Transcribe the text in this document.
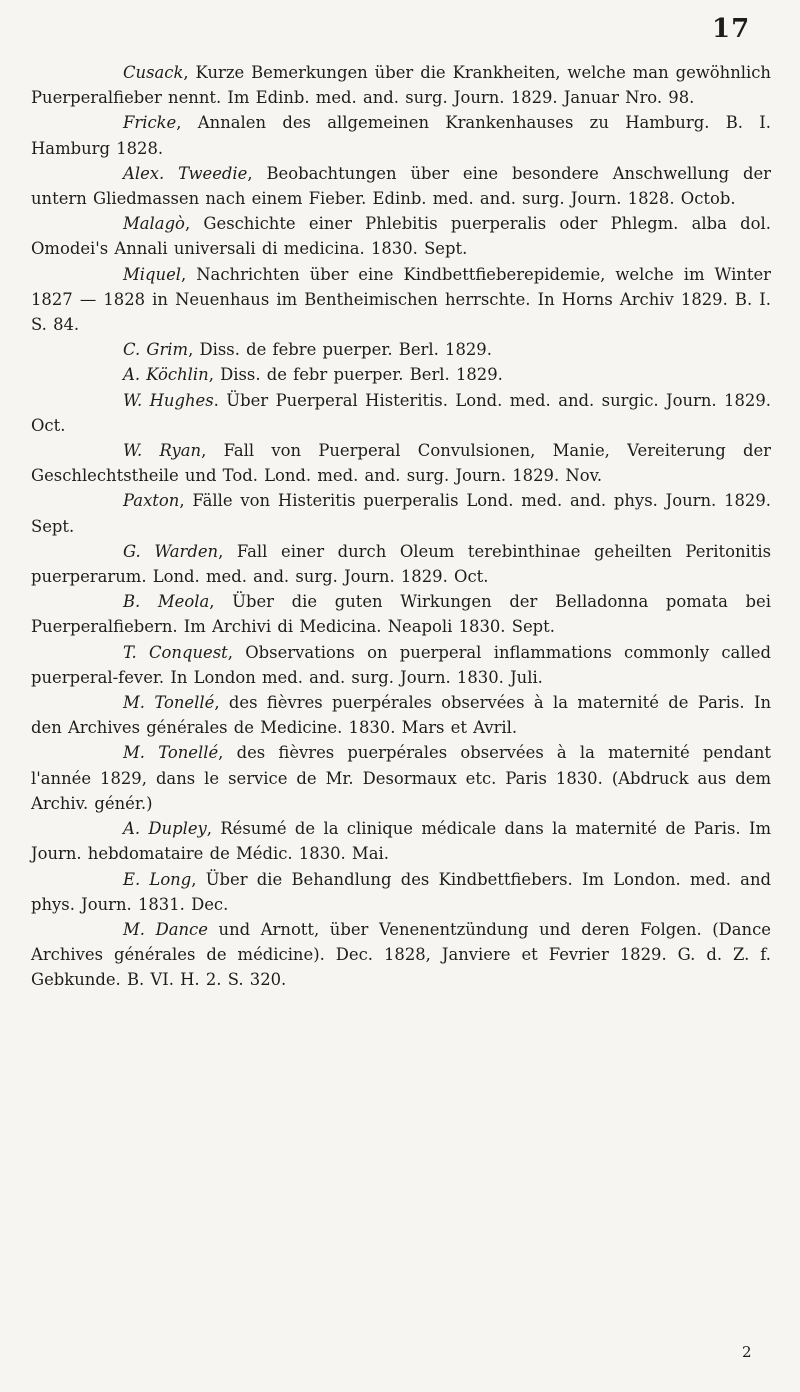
17

Cusack, Kurze Bemerkungen über die Krankheiten, welche man gewöhnlich Puerperalfieber nennt. Im Edinb. med. and. surg. Journ. 1829. Januar Nro. 98.

Fricke, Annalen des allgemeinen Krankenhauses zu Hamburg. B. I. Hamburg 1828.

Alex. Tweedie, Beobachtungen über eine besondere Anschwellung der untern Gliedmassen nach einem Fieber. Edinb. med. and. surg. Journ. 1828. Octob.

Malagò, Geschichte einer Phlebitis puerperalis oder Phlegm. alba dol. Omodei's Annali universali di medicina. 1830. Sept.

Miquel, Nachrichten über eine Kindbettfieberepidemie, welche im Winter 1827 — 1828 in Neuenhaus im Bentheimischen herrschte. In Horns Archiv 1829. B. I. S. 84.

C. Grim, Diss. de febre puerper. Berl. 1829.

A. Köchlin, Diss. de febr puerper. Berl. 1829.

W. Hughes. Über Puerperal Histeritis. Lond. med. and. surgic. Journ. 1829. Oct.

W. Ryan, Fall von Puerperal Convulsionen, Manie, Vereiterung der Geschlechtstheile und Tod. Lond. med. and. surg. Journ. 1829. Nov.

Paxton, Fälle von Histeritis puerperalis Lond. med. and. phys. Journ. 1829. Sept.

G. Warden, Fall einer durch Oleum terebinthinae geheilten Peritonitis puerperarum. Lond. med. and. surg. Journ. 1829. Oct.

B. Meola, Über die guten Wirkungen der Belladonna pomata bei Puerperalfiebern. Im Archivi di Medicina. Neapoli 1830. Sept.

T. Conquest, Observations on puerperal inflammations commonly called puerperal-fever. In London med. and. surg. Journ. 1830. Juli.

M. Tonellé, des fièvres puerpérales observées à la maternité de Paris. In den Archives générales de Medicine. 1830. Mars et Avril.

M. Tonellé, des fièvres puerpérales observées à la maternité pendant l'année 1829, dans le service de Mr. Desormaux etc. Paris 1830. (Abdruck aus dem Archiv. génér.)

A. Dupley, Résumé de la clinique médicale dans la maternité de Paris. Im Journ. hebdomataire de Médic. 1830. Mai.

E. Long, Über die Behandlung des Kindbettfiebers. Im London. med. and phys. Journ. 1831. Dec.

M. Dance und Arnott, über Venenentzündung und deren Folgen. (Dance Archives générales de médicine). Dec. 1828, Janviere et Fevrier 1829. G. d. Z. f. Gebkunde. B. VI. H. 2. S. 320.

2
